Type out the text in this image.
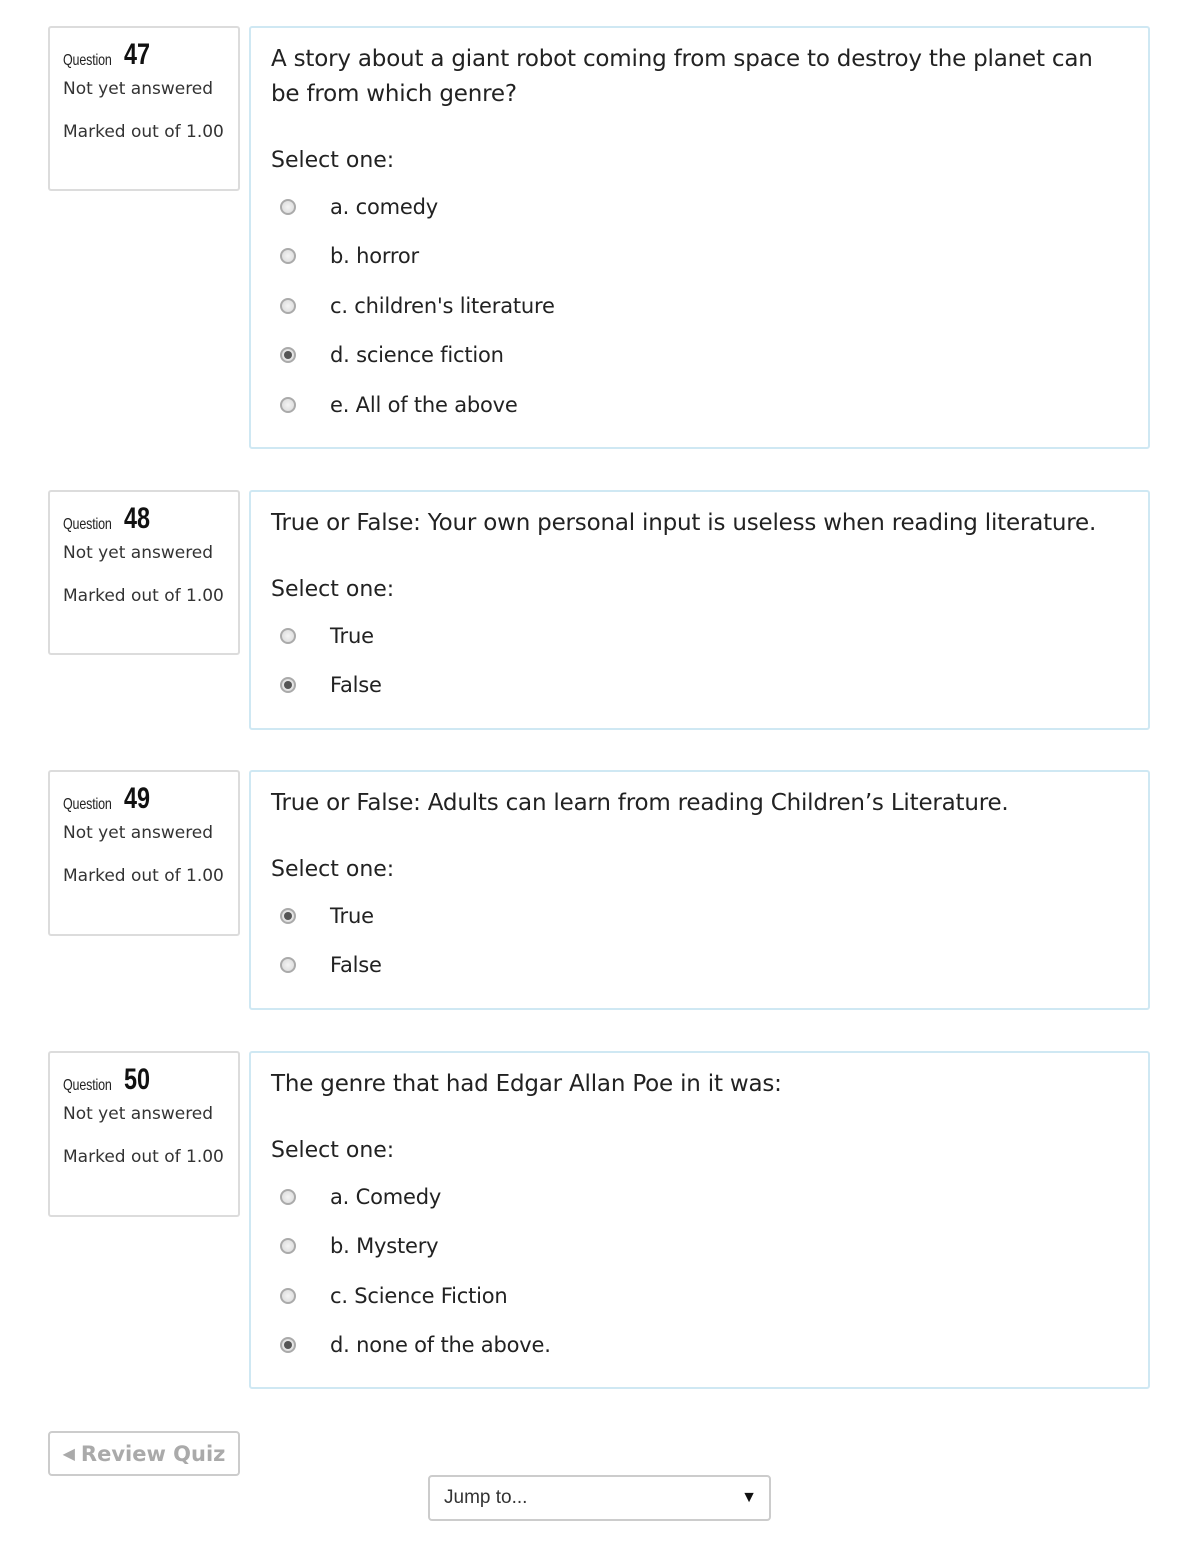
Question 47
Not yet answered
Marked out of 1.00

A story about a giant robot coming from space to destroy the planet can be from which genre?

Select one:
a. comedy
b. horror
c. children's literature
d. science fiction
e. All of the above
Question 48
Not yet answered
Marked out of 1.00

True or False: Your own personal input is useless when reading literature.

Select one:
True
False
Question 49
Not yet answered
Marked out of 1.00

True or False: Adults can learn from reading Children’s Literature.

Select one:
True
False
Question 50
Not yet answered
Marked out of 1.00

The genre that had Edgar Allan Poe in it was:

Select one:
a. Comedy
b. Mystery
c. Science Fiction
d. none of the above.
◀ Review Quiz
Jump to...	▼
